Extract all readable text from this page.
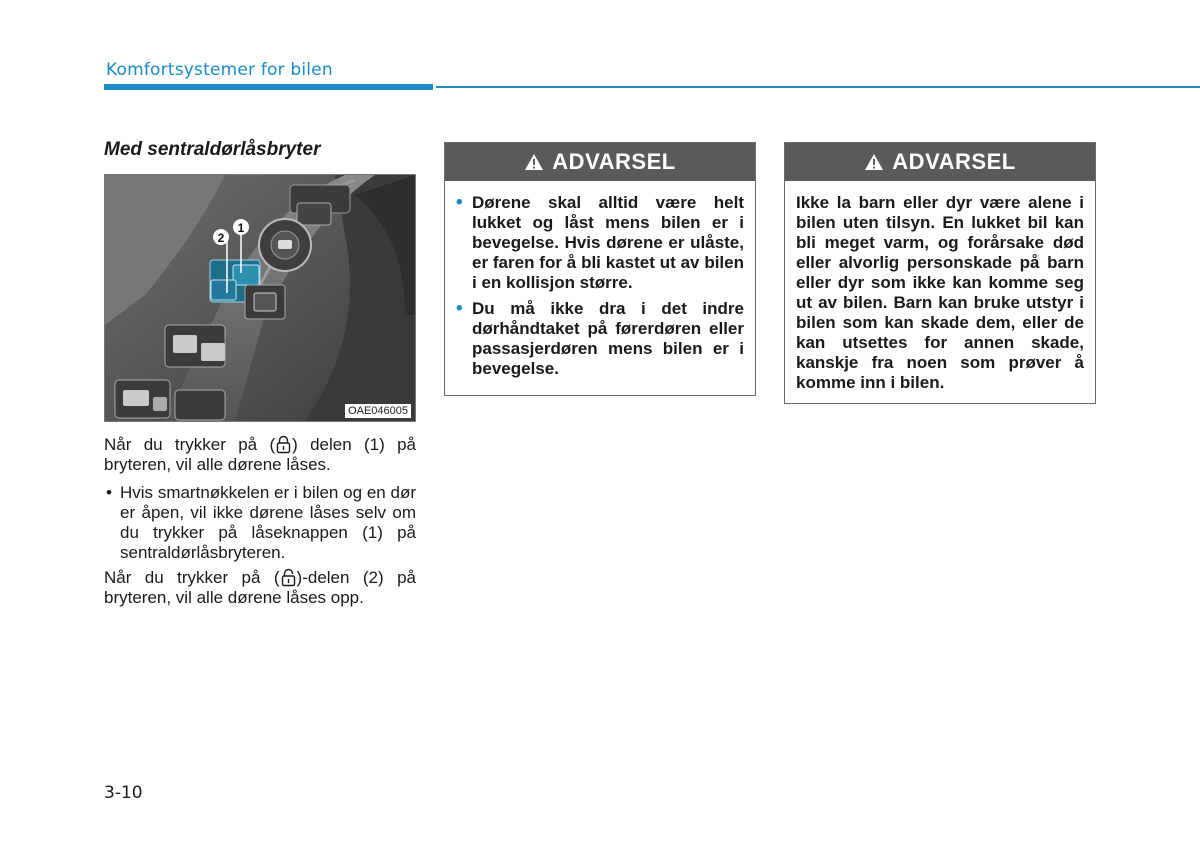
Komfortsystemer for bilen
Med sentraldørlåsbryter
2
1
OAE046005
Når du trykker på ( ) delen (1) på bryteren, vil alle dørene låses.
• Hvis smartnøkkelen er i bilen og en dør er åpen, vil ikke dørene låses selv om du trykker på låseknappen (1) på sentraldørlåsbryteren.
Når du trykker på ( )-delen (2) på bryteren, vil alle dørene låses opp.
ADVARSEL
• Dørene skal alltid være helt lukket og låst mens bilen er i bevegelse. Hvis dørene er ulåste, er faren for å bli kastet ut av bilen i en kollisjon større.
• Du må ikke dra i det indre dørhåndtaket på førerdøren eller passasjerdøren mens bilen er i bevegelse.
ADVARSEL
Ikke la barn eller dyr være alene i bilen uten tilsyn. En lukket bil kan bli meget varm, og forårsake død eller alvorlig personskade på barn eller dyr som ikke kan komme seg ut av bilen. Barn kan bruke utstyr i bilen som kan skade dem, eller de kan utsettes for annen skade, kanskje fra noen som prøver å komme inn i bilen.
3-10
